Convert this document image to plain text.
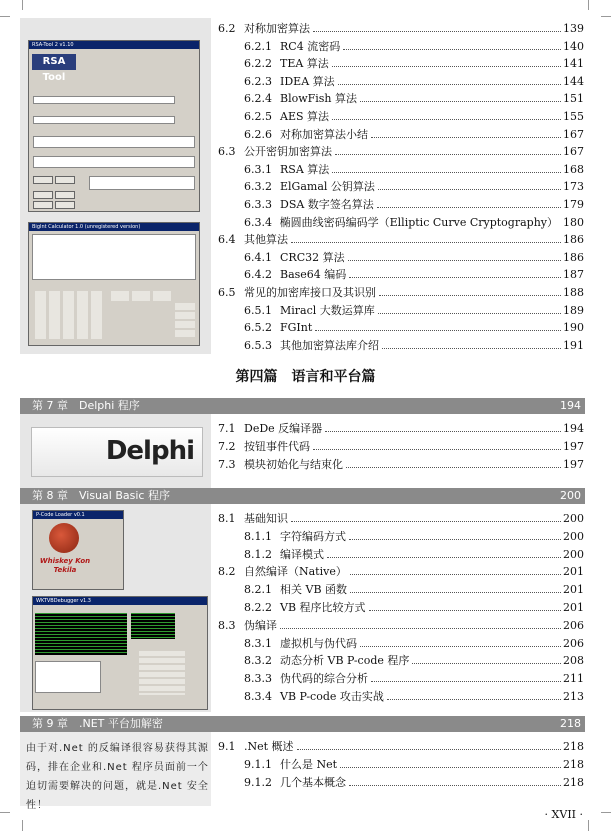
RSA-Tool 2 v1.10
RSA Tool
BigInt Calculator 1.0 (unregistered version)
6.2 对称加密算法	139
6.2.1 RC4 流密码	140
6.2.2 TEA 算法	141
6.2.3 IDEA 算法	144
6.2.4 BlowFish 算法	151
6.2.5 AES 算法	155
6.2.6 对称加密算法小结	167
6.3 公开密钥加密算法	167
6.3.1 RSA 算法	168
6.3.2 ElGamal 公钥算法	173
6.3.3 DSA 数字签名算法	179
6.3.4 椭圆曲线密码编码学（Elliptic Curve Cryptography） 180
6.4 其他算法	186
6.4.1 CRC32 算法	186
6.4.2 Base64 编码	187
6.5 常见的加密库接口及其识别	188
6.5.1 Miracl 大数运算库	189
6.5.2 FGInt	190
6.5.3 其他加密算法库介绍	191
第四篇　语言和平台篇
第 7 章　Delphi 程序	194
Delphi
7.1 DeDe 反编译器	194
7.2 按钮事件代码	197
7.3 模块初始化与结束化	197
第 8 章　Visual Basic 程序	200
P-Code Loader v0.1
Whiskey Kon Tekila
WKTVBDebugger v1.3
8.1 基础知识	200
8.1.1 字符编码方式	200
8.1.2 编译模式	200
8.2 自然编译（Native）	201
8.2.1 相关 VB 函数	201
8.2.2 VB 程序比较方式	201
8.3 伪编译	206
8.3.1 虚拟机与伪代码	206
8.3.2 动态分析 VB P-code 程序	208
8.3.3 伪代码的综合分析	211
8.3.4 VB P-code 攻击实战	213
第 9 章　.NET 平台加解密	218
由于对.Net 的反编译很容易获得其源码，排在企业和.Net 程序员面前一个迫切需要解决的问题，就是.Net 安全性！
9.1 .Net 概述	218
9.1.1 什么是 Net	218
9.1.2 几个基本概念	218
· XVII ·
